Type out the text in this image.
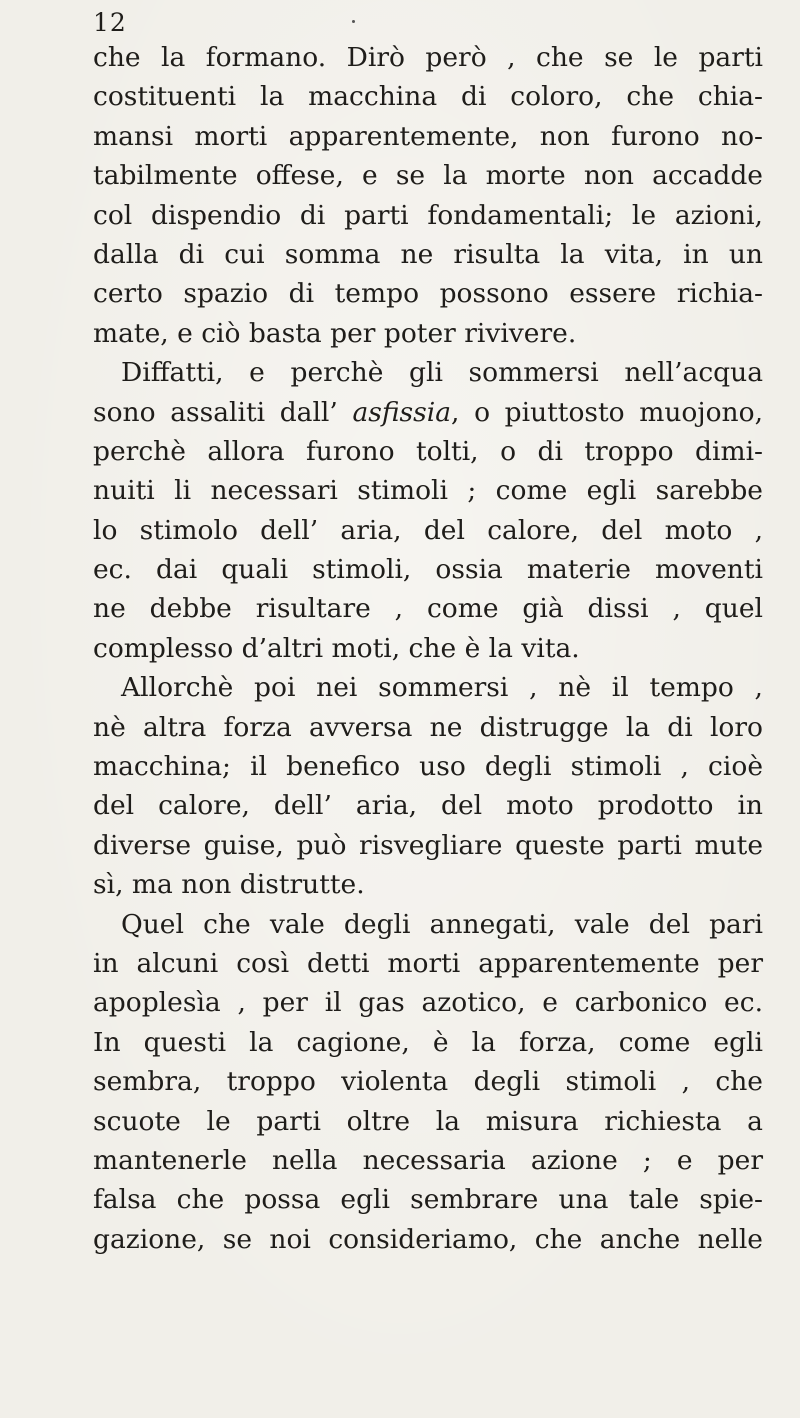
12
che la formano. Dirò però , che se le parti
costituenti la macchina di coloro, che chia-
mansi morti apparentemente, non furono no-
tabilmente offese, e se la morte non accadde
col dispendio di parti fondamentali; le azioni,
dalla di cui somma ne risulta la vita, in un
certo spazio di tempo possono essere richia-
mate, e ciò basta per poter rivivere.
Diffatti, e perchè gli sommersi nell’acqua
sono assaliti dall’ asfissia, o piuttosto muojono,
perchè allora furono tolti, o di troppo dimi-
nuiti li necessari stimoli ; come egli sarebbe
lo stimolo dell’ aria, del calore, del moto ,
ec. dai quali stimoli, ossia materie moventi
ne debbe risultare , come già dissi , quel
complesso d’altri moti, che è la vita.
Allorchè poi nei sommersi , nè il tempo ,
nè altra forza avversa ne distrugge la di loro
macchina; il benefico uso degli stimoli , cioè
del calore, dell’ aria, del moto prodotto in
diverse guise, può risvegliare queste parti mute
sì, ma non distrutte.
Quel che vale degli annegati, vale del pari
in alcuni così detti morti apparentemente per
apoplesìa , per il gas azotico, e carbonico ec.
In questi la cagione, è la forza, come egli
sembra, troppo violenta degli stimoli , che
scuote le parti oltre la misura richiesta a
mantenerle nella necessaria azione ; e per
falsa che possa egli sembrare una tale spie-
gazione, se noi consideriamo, che anche nelle
